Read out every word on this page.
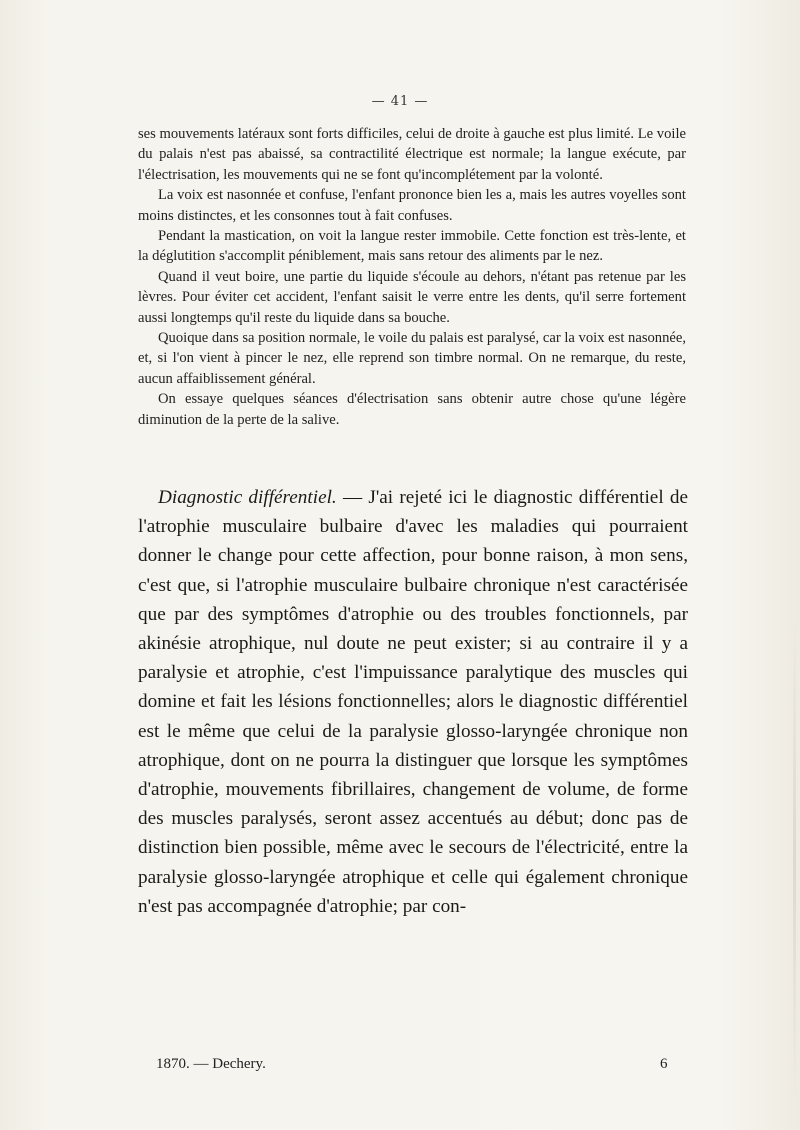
— 41 —

ses mouvements latéraux sont forts difficiles, celui de droite à gauche est plus limité. Le voile du palais n'est pas abaissé, sa contractilité électrique est normale; la langue exécute, par l'électrisation, les mouvements qui ne se font qu'incomplétement par la volonté.

La voix est nasonnée et confuse, l'enfant prononce bien les a, mais les autres voyelles sont moins distinctes, et les consonnes tout à fait confuses.

Pendant la mastication, on voit la langue rester immobile. Cette fonction est très-lente, et la déglutition s'accomplit péniblement, mais sans retour des aliments par le nez.

Quand il veut boire, une partie du liquide s'écoule au dehors, n'étant pas retenue par les lèvres. Pour éviter cet accident, l'enfant saisit le verre entre les dents, qu'il serre fortement aussi longtemps qu'il reste du liquide dans sa bouche.

Quoique dans sa position normale, le voile du palais est paralysé, car la voix est nasonnée, et, si l'on vient à pincer le nez, elle reprend son timbre normal. On ne remarque, du reste, aucun affaiblissement général.

On essaye quelques séances d'électrisation sans obtenir autre chose qu'une légère diminution de la perte de la salive.

Diagnostic différentiel. — J'ai rejeté ici le diagnostic différentiel de l'atrophie musculaire bulbaire d'avec les maladies qui pourraient donner le change pour cette affection, pour bonne raison, à mon sens, c'est que, si l'atrophie musculaire bulbaire chronique n'est caractérisée que par des symptômes d'atrophie ou des troubles fonctionnels, par akinésie atrophique, nul doute ne peut exister; si au contraire il y a paralysie et atrophie, c'est l'impuissance paralytique des muscles qui domine et fait les lésions fonctionnelles; alors le diagnostic différentiel est le même que celui de la paralysie glosso-laryngée chronique non atrophique, dont on ne pourra la distinguer que lorsque les symptômes d'atrophie, mouvements fibrillaires, changement de volume, de forme des muscles paralysés, seront assez accentués au début; donc pas de distinction bien possible, même avec le secours de l'électricité, entre la paralysie glosso-laryngée atrophique et celle qui également chronique n'est pas accompagnée d'atrophie; par con-

1870. — Dechery.	6
